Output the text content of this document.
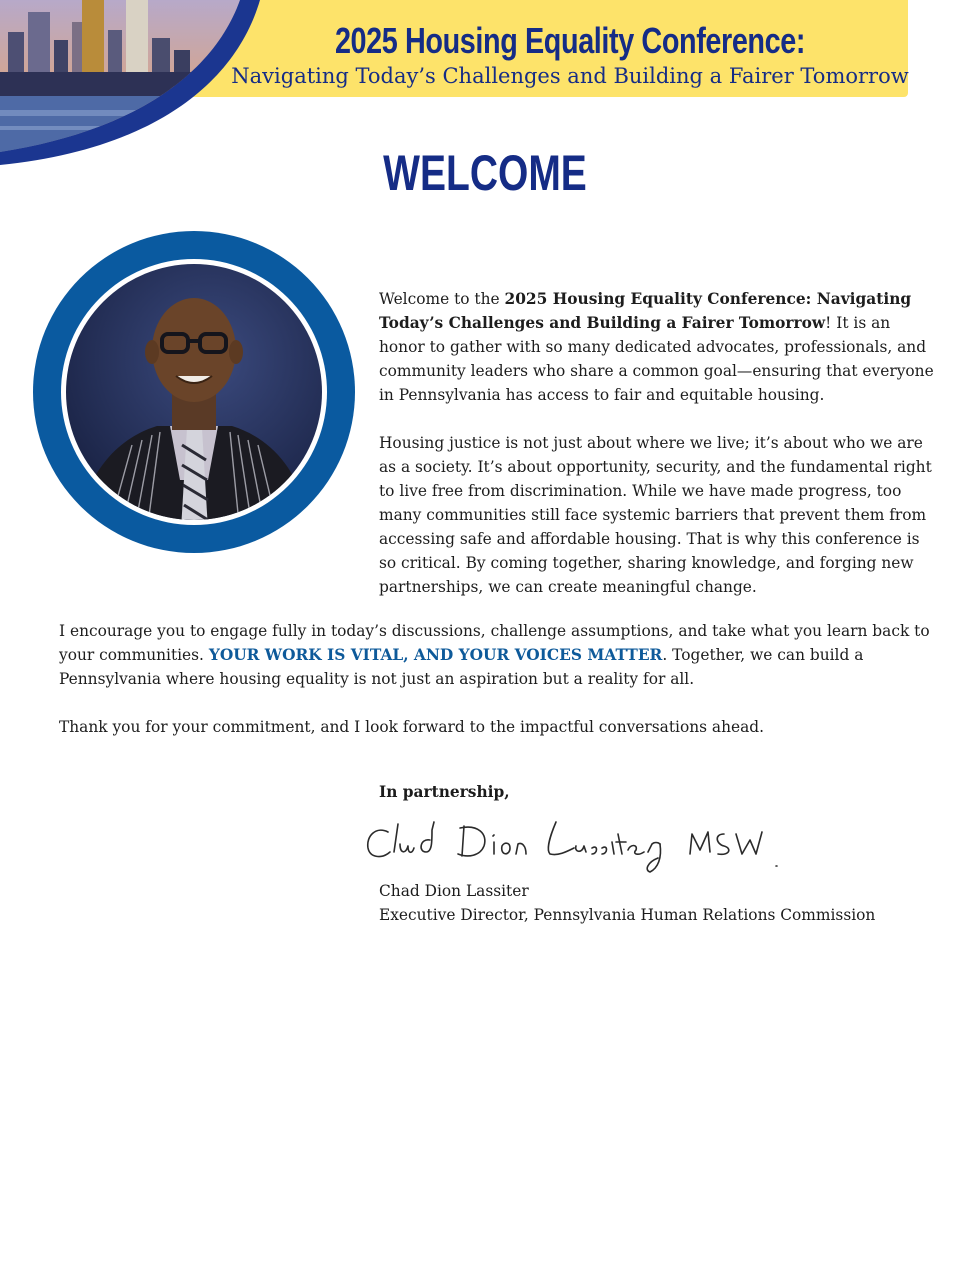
2025 Housing Equality Conference:
Navigating Today’s Challenges and Building a Fairer Tomorrow
WELCOME

Welcome to the 2025 Housing Equality Conference: Navigating Today’s Challenges and Building a Fairer Tomorrow! It is an honor to gather with so many dedicated advocates, professionals, and community leaders who share a common goal—ensuring that everyone in Pennsylvania has access to fair and equitable housing.

Housing justice is not just about where we live; it’s about who we are as a society. It’s about opportunity, security, and the fundamental right to live free from discrimination. While we have made progress, too many communities still face systemic barriers that prevent them from accessing safe and affordable housing. That is why this conference is so critical. By coming together, sharing knowledge, and forging new partnerships, we can create meaningful change.

I encourage you to engage fully in today’s discussions, challenge assumptions, and take what you learn back to your communities. YOUR WORK IS VITAL, AND YOUR VOICES MATTER. Together, we can build a Pennsylvania where housing equality is not just an aspiration but a reality for all.

Thank you for your commitment, and I look forward to the impactful conversations ahead.

In partnership,
Chad Dion Lassiter
Executive Director, Pennsylvania Human Relations Commission
